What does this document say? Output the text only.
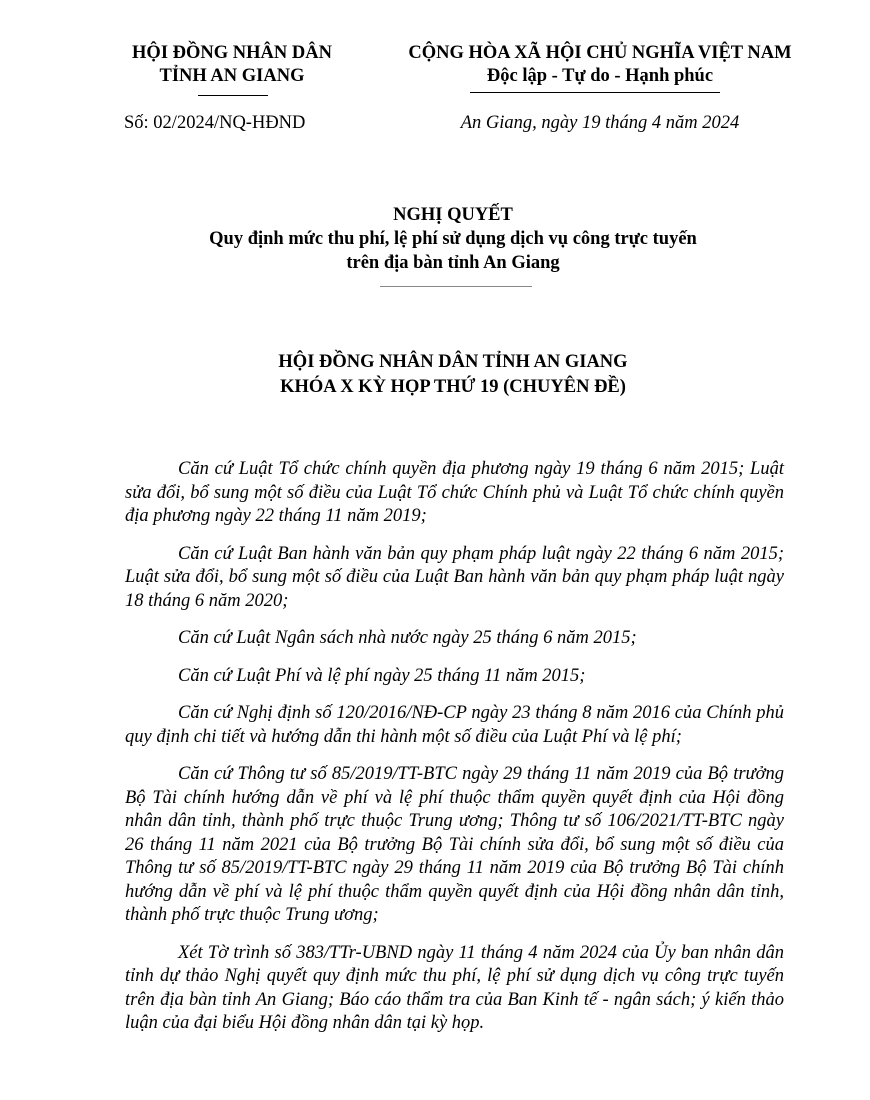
HỘI ĐỒNG NHÂN DÂN
TỈNH AN GIANG
CỘNG HÒA XÃ HỘI CHỦ NGHĨA VIỆT NAM
Độc lập - Tự do - Hạnh phúc
Số: 02/2024/NQ-HĐND	An Giang, ngày 19 tháng 4 năm 2024
NGHỊ QUYẾT
Quy định mức thu phí, lệ phí sử dụng dịch vụ công trực tuyến
trên địa bàn tỉnh An Giang
HỘI ĐỒNG NHÂN DÂN TỈNH AN GIANG
KHÓA X KỲ HỌP THỨ 19 (CHUYÊN ĐỀ)

Căn cứ Luật Tổ chức chính quyền địa phương ngày 19 tháng 6 năm 2015; Luật sửa đổi, bổ sung một số điều của Luật Tổ chức Chính phủ và Luật Tổ chức chính quyền địa phương ngày 22 tháng 11 năm 2019;

Căn cứ Luật Ban hành văn bản quy phạm pháp luật ngày 22 tháng 6 năm 2015; Luật sửa đổi, bổ sung một số điều của Luật Ban hành văn bản quy phạm pháp luật ngày 18 tháng 6 năm 2020;

Căn cứ Luật Ngân sách nhà nước ngày 25 tháng 6 năm 2015;

Căn cứ Luật Phí và lệ phí ngày 25 tháng 11 năm 2015;

Căn cứ Nghị định số 120/2016/NĐ-CP ngày 23 tháng 8 năm 2016 của Chính phủ quy định chi tiết và hướng dẫn thi hành một số điều của Luật Phí và lệ phí;

Căn cứ Thông tư số 85/2019/TT-BTC ngày 29 tháng 11 năm 2019 của Bộ trưởng Bộ Tài chính hướng dẫn về phí và lệ phí thuộc thẩm quyền quyết định của Hội đồng nhân dân tỉnh, thành phố trực thuộc Trung ương; Thông tư số 106/2021/TT-BTC ngày 26 tháng 11 năm 2021 của Bộ trưởng Bộ Tài chính sửa đổi, bổ sung một số điều của Thông tư số 85/2019/TT-BTC ngày 29 tháng 11 năm 2019 của Bộ trưởng Bộ Tài chính hướng dẫn về phí và lệ phí thuộc thẩm quyền quyết định của Hội đồng nhân dân tỉnh, thành phố trực thuộc Trung ương;

Xét Tờ trình số 383/TTr-UBND ngày 11 tháng 4 năm 2024 của Ủy ban nhân dân tỉnh dự thảo Nghị quyết quy định mức thu phí, lệ phí sử dụng dịch vụ công trực tuyến trên địa bàn tỉnh An Giang; Báo cáo thẩm tra của Ban Kinh tế - ngân sách; ý kiến thảo luận của đại biểu Hội đồng nhân dân tại kỳ họp.
